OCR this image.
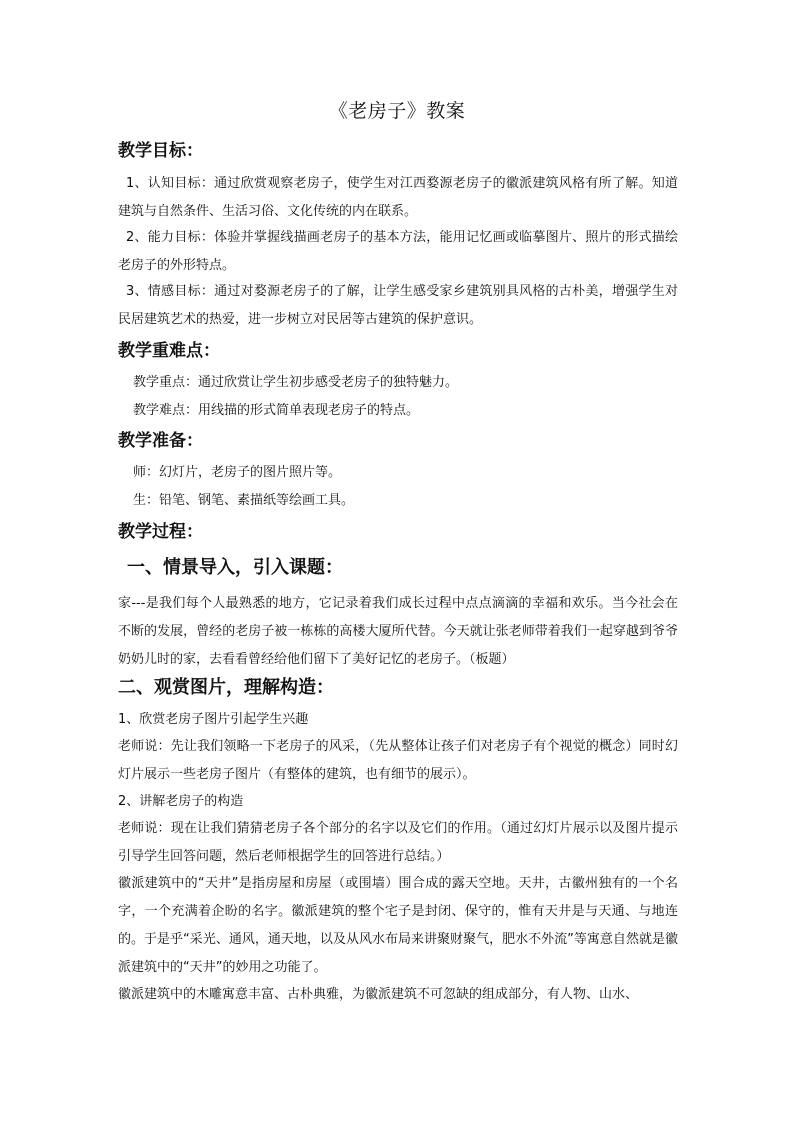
《老房子》教案
教学目标：
1、认知目标：通过欣赏观察老房子，使学生对江西婺源老房子的徽派建筑风格有所了解。知道建筑与自然条件、生活习俗、文化传统的内在联系。
2、能力目标：体验并掌握线描画老房子的基本方法，能用记忆画或临摹图片、照片的形式描绘老房子的外形特点。
3、情感目标：通过对婺源老房子的了解，让学生感受家乡建筑别具风格的古朴美，增强学生对民居建筑艺术的热爱，进一步树立对民居等古建筑的保护意识。
教学重难点：
教学重点：通过欣赏让学生初步感受老房子的独特魅力。
教学难点：用线描的形式简单表现老房子的特点。
教学准备：
师：幻灯片，老房子的图片照片等。
生：铅笔、钢笔、素描纸等绘画工具。
教学过程：
一、情景导入，引入课题：
家---是我们每个人最熟悉的地方，它记录着我们成长过程中点点滴滴的幸福和欢乐。当今社会在不断的发展，曾经的老房子被一栋栋的高楼大厦所代替。今天就让张老师带着我们一起穿越到爷爷奶奶儿时的家，去看看曾经给他们留下了美好记忆的老房子。（板题）
二、观赏图片，理解构造：
1、欣赏老房子图片引起学生兴趣
老师说：先让我们领略一下老房子的风采，（先从整体让孩子们对老房子有个视觉的概念）同时幻灯片展示一些老房子图片（有整体的建筑，也有细节的展示）。
2、讲解老房子的构造
老师说：现在让我们猜猜老房子各个部分的名字以及它们的作用。（通过幻灯片展示以及图片提示引导学生回答问题，然后老师根据学生的回答进行总结。）
徽派建筑中的“天井”是指房屋和房屋（或围墙）围合成的露天空地。天井，古徽州独有的一个名字，一个充满着企盼的名字。徽派建筑的整个宅子是封闭、保守的，惟有天井是与天通、与地连的。于是乎“采光、通风，通天地，以及从风水布局来讲聚财聚气，肥水不外流”等寓意自然就是徽派建筑中的“天井”的妙用之功能了。
徽派建筑中的木雕寓意丰富、古朴典雅，为徽派建筑不可忽缺的组成部分，有人物、山水、
